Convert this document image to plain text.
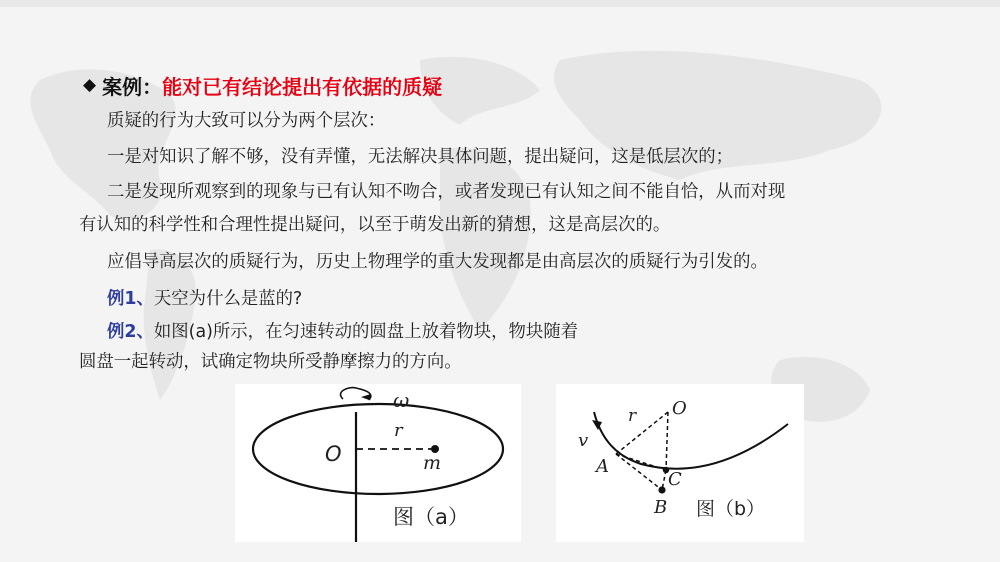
◆ 案例： 能对已有结论提出有依据的质疑
质疑的行为大致可以分为两个层次：
一是对知识了解不够，没有弄懂，无法解决具体问题，提出疑问，这是低层次的；
二是发现所观察到的现象与已有认知不吻合，或者发现已有认知之间不能自恰，从而对现
有认知的科学性和合理性提出疑问，以至于萌发出新的猜想，这是高层次的。
应倡导高层次的质疑行为，历史上物理学的重大发现都是由高层次的质疑行为引发的。
例1、天空为什么是蓝的?
例2、如图(a)所示，在匀速转动的圆盘上放着物块，物块随着
圆盘一起转动，试确定物块所受静摩擦力的方向。
ω
r
O	m
图（a）
O
r
v
A
C
B 图（b）
